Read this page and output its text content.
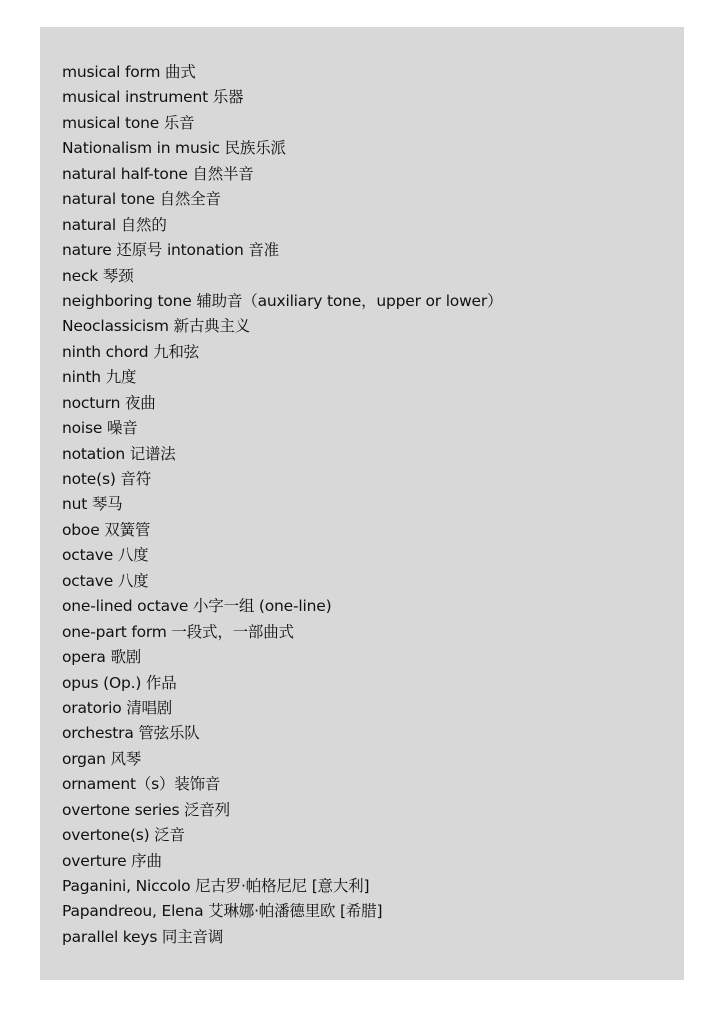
musical form 曲式
musical instrument 乐器
musical tone 乐音
Nationalism in music 民族乐派
natural half-tone 自然半音
natural tone 自然全音
natural 自然的
nature 还原号 intonation 音准
neck 琴颈
neighboring tone 辅助音（auxiliary tone，upper or lower）
Neoclassicism 新古典主义
ninth chord 九和弦
ninth 九度
nocturn 夜曲
noise 噪音
notation 记谱法
note(s) 音符
nut 琴马
oboe 双簧管
octave 八度
octave 八度
one-lined octave 小字一组 (one-line)
one-part form 一段式，一部曲式
opera 歌剧
opus (Op.) 作品
oratorio 清唱剧
orchestra 管弦乐队
organ 风琴
ornament（s）装饰音
overtone series 泛音列
overtone(s) 泛音
overture 序曲
Paganini, Niccolo 尼古罗·帕格尼尼 [意大利]
Papandreou, Elena 艾琳娜·帕潘德里欧 [希腊]
parallel keys 同主音调
